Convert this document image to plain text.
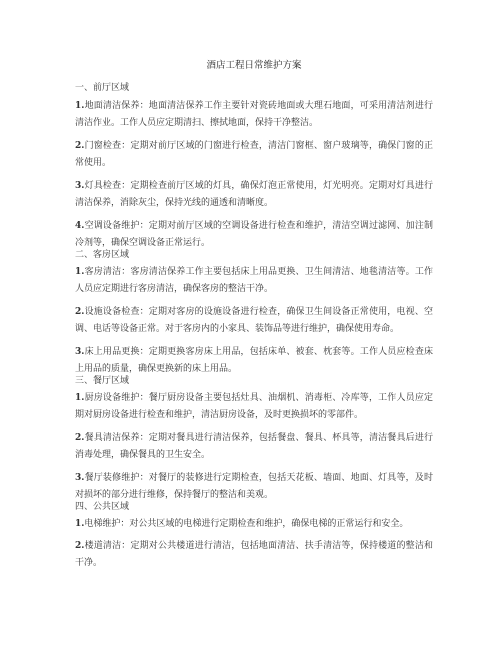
酒店工程日常维护方案
一、前厅区域
1.地面清洁保养：地面清洁保养工作主要针对瓷砖地面或大理石地面，可采用清洁剂进行清洁作业。工作人员应定期清扫、擦拭地面，保持干净整洁。
2.门窗检查：定期对前厅区域的门窗进行检查，清洁门窗框、窗户玻璃等，确保门窗的正常使用。
3.灯具检查：定期检查前厅区域的灯具，确保灯泡正常使用，灯光明亮。定期对灯具进行清洁保养，消除灰尘，保持光线的通透和清晰度。
4.空调设备维护：定期对前厅区域的空调设备进行检查和维护，清洁空调过滤网、加注制冷剂等，确保空调设备正常运行。
二、客房区域
1.客房清洁：客房清洁保养工作主要包括床上用品更换、卫生间清洁、地毯清洁等。工作人员应定期进行客房清洁，确保客房的整洁干净。
2.设施设备检查：定期对客房的设施设备进行检查，确保卫生间设备正常使用，电视、空调、电话等设备正常。对于客房内的小家具、装饰品等进行维护，确保使用寿命。
3.床上用品更换：定期更换客房床上用品，包括床单、被套、枕套等。工作人员应检查床上用品的质量，确保更换新的床上用品。
三、餐厅区域
1.厨房设备维护：餐厅厨房设备主要包括灶具、油烟机、消毒柜、冷库等，工作人员应定期对厨房设备进行检查和维护，清洁厨房设备，及时更换损坏的零部件。
2.餐具清洁保养：定期对餐具进行清洁保养，包括餐盘、餐具、杯具等，清洁餐具后进行消毒处理，确保餐具的卫生安全。
3.餐厅装修维护：对餐厅的装修进行定期检查，包括天花板、墙面、地面、灯具等，及时对损坏的部分进行维修，保持餐厅的整洁和美观。
四、公共区域
1.电梯维护：对公共区域的电梯进行定期检查和维护，确保电梯的正常运行和安全。
2.楼道清洁：定期对公共楼道进行清洁，包括地面清洁、扶手清洁等，保持楼道的整洁和干净。
